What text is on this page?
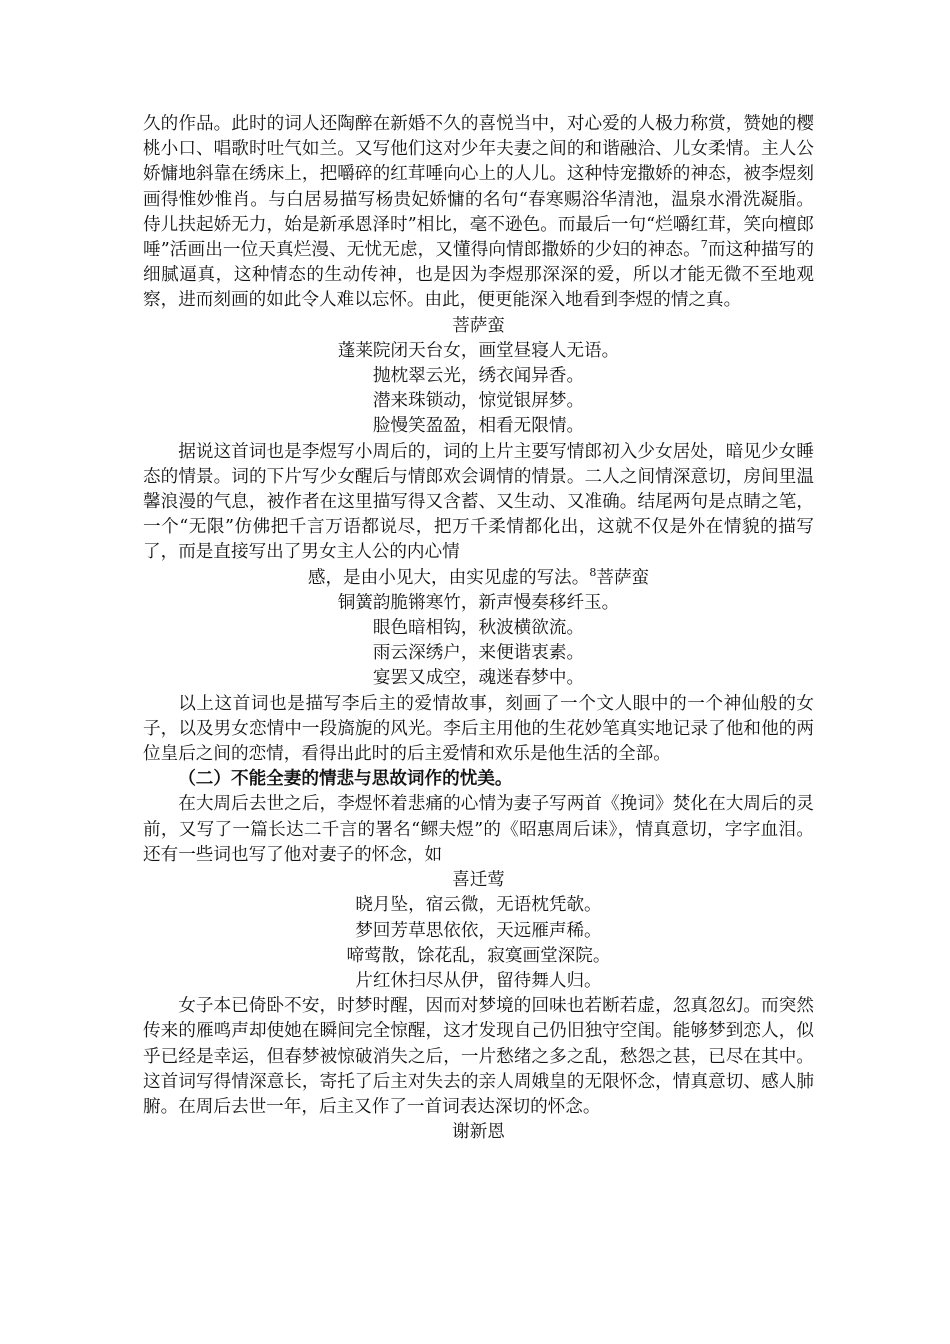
久的作品。此时的词人还陶醉在新婚不久的喜悦当中，对心爱的人极力称赏，赞她的樱桃小口、唱歌时吐气如兰。又写他们这对少年夫妻之间的和谐融洽、儿女柔情。主人公娇慵地斜靠在绣床上，把嚼碎的红茸唾向心上的人儿。这种恃宠撒娇的神态，被李煜刻画得惟妙惟肖。与白居易描写杨贵妃娇慵的名句“春寒赐浴华清池，温泉水滑洗凝脂。侍儿扶起娇无力，始是新承恩泽时”相比，毫不逊色。而最后一句“烂嚼红茸，笑向檀郎唾”活画出一位天真烂漫、无忧无虑，又懂得向情郎撒娇的少妇的神态。$^7$而这种描写的细腻逼真，这种情态的生动传神，也是因为李煜那深深的爱，所以才能无微不至地观察，进而刻画的如此令人难以忘怀。由此，便更能深入地看到李煜的情之真。

菩萨蛮

蓬莱院闭天台女，画堂昼寝人无语。
抛枕翠云光，绣衣闻异香。
潜来珠锁动，惊觉银屏梦。
脸慢笑盈盈，相看无限情。

据说这首词也是李煜写小周后的，词的上片主要写情郎初入少女居处，暗见少女睡态的情景。词的下片写少女醒后与情郎欢会调情的情景。二人之间情深意切，房间里温馨浪漫的气息，被作者在这里描写得又含蓄、又生动、又准确。结尾两句是点睛之笔，一个“无限”仿佛把千言万语都说尽，把万千柔情都化出，这就不仅是外在情貌的描写了，而是直接写出了男女主人公的内心情

感，是由小见大，由实见虚的写法。$^8$菩萨蛮

铜簧韵脆锵寒竹，新声慢奏移纤玉。
眼色暗相钩，秋波横欲流。
雨云深绣户，来便谐衷素。
宴罢又成空，魂迷春梦中。

以上这首词也是描写李后主的爱情故事，刻画了一个文人眼中的一个神仙般的女子，以及男女恋情中一段旖旎的风光。李后主用他的生花妙笔真实地记录了他和他的两位皇后之间的恋情，看得出此时的后主爱情和欢乐是他生活的全部。

（二）不能全妻的情悲与思故词作的忧美。

在大周后去世之后，李煜怀着悲痛的心情为妻子写两首《挽词》焚化在大周后的灵前，又写了一篇长达二千言的署名“鳏夫煜”的《昭惠周后诔》，情真意切，字字血泪。还有一些词也写了他对妻子的怀念，如

喜迁莺

晓月坠，宿云微，无语枕凭欹。
梦回芳草思依依，天远雁声稀。
啼莺散，馀花乱，寂寞画堂深院。
片红休扫尽从伊，留待舞人归。

女子本已倚卧不安，时梦时醒，因而对梦境的回味也若断若虚，忽真忽幻。而突然传来的雁鸣声却使她在瞬间完全惊醒，这才发现自己仍旧独守空闺。能够梦到恋人，似乎已经是幸运，但春梦被惊破消失之后，一片愁绪之多之乱，愁怨之甚，已尽在其中。这首词写得情深意长，寄托了后主对失去的亲人周娥皇的无限怀念，情真意切、感人肺腑。在周后去世一年，后主又作了一首词表达深切的怀念。

谢新恩
